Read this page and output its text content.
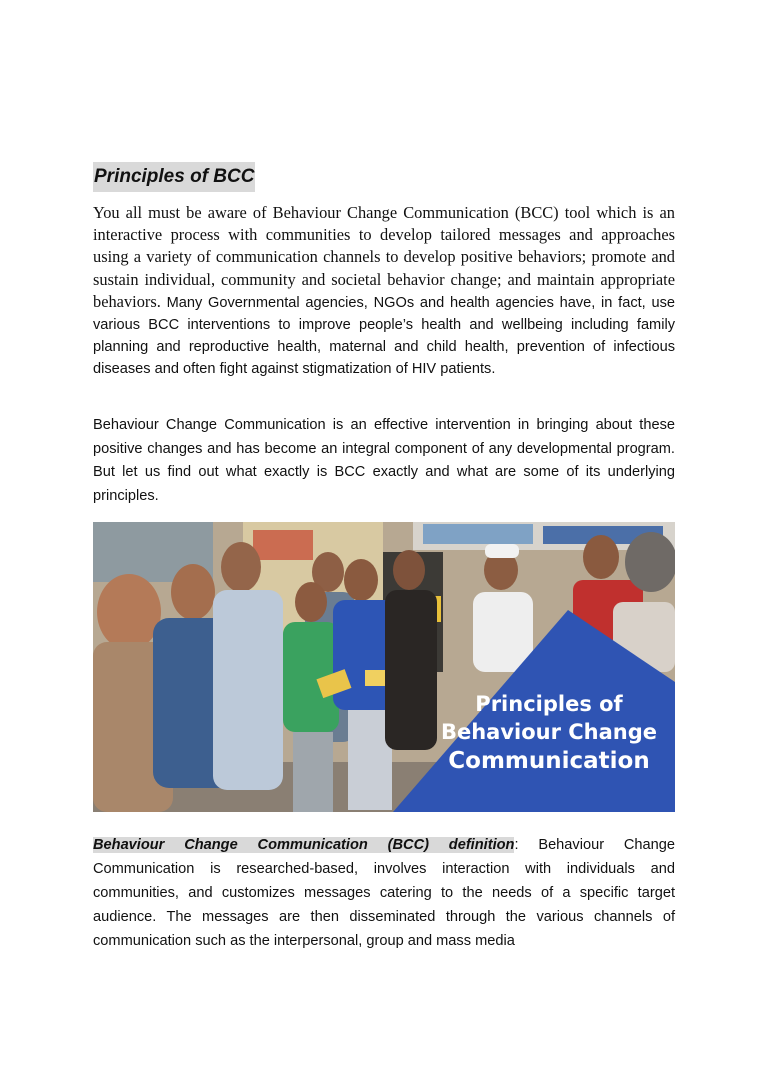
Principles of BCC
You all must be aware of Behaviour Change Communication (BCC) tool which is an interactive process with communities to develop tailored messages and approaches using a variety of communication channels to develop positive behaviors; promote and sustain individual, community and societal behavior change; and maintain appropriate behaviors. Many Governmental agencies, NGOs and health agencies have, in fact, use various BCC interventions to improve people’s health and wellbeing including family planning and reproductive health, maternal and child health, prevention of infectious diseases and often fight against stigmatization of HIV patients.
Behaviour Change Communication is an effective intervention in bringing about these positive changes and has become an integral component of any developmental program. But let us find out what exactly is BCC exactly and what are some of its underlying principles.
Principles of
Behaviour Change
Communication
Behaviour Change Communication (BCC) definition: Behaviour Change Communication is researched-based, involves interaction with individuals and communities, and customizes messages catering to the needs of a specific target audience. The messages are then disseminated through the various channels of communication such as the interpersonal, group and mass media
